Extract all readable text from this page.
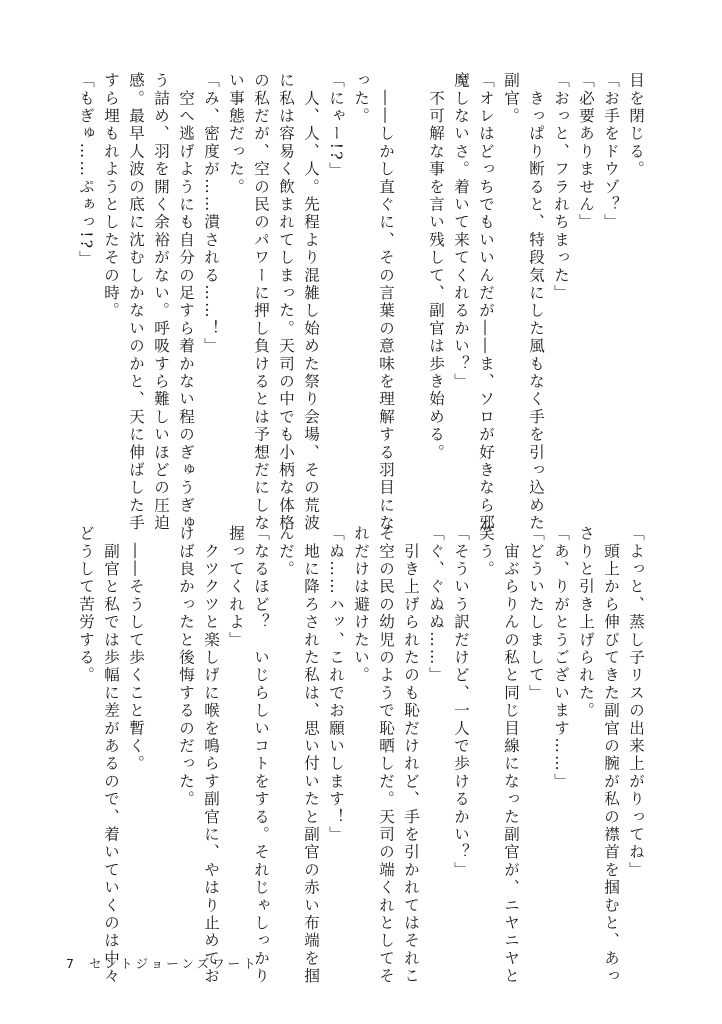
目を閉じる。
「お手をドウゾ？」
「必要ありません」
「おっと、フラれちまった」
　きっぱり断ると、特段気にした風もなく手を引っ込めた
副官。
「オレはどっちでもいいんだが――ま、ソロが好きなら邪
魔しないさ。着いて来てくれるかい？」
　不可解な事を言い残して、副官は歩き始める。

　――しかし直ぐに、その言葉の意味を理解する羽目にな
った。
「にゃー!?」
　人、人、人。先程より混雑し始めた祭り会場、その荒波
に私は容易く飲まれてしまった。天司の中でも小柄な体格
の私だが、空の民のパワーに押し負けるとは予想だにしな
い事態だった。
「み、密度が……潰される……！」
　空へ逃げようにも自分の足すら着かない程のぎゅうぎゅ
う詰め、羽を開く余裕がない。呼吸すら難しいほどの圧迫
感。最早人波の底に沈むしかないのかと、天に伸ばした手
すら埋もれようとしたその時。
「もぎゅ……ぷぁっ!?」
「よっと、蒸し子リスの出来上がりってね」
　頭上から伸びてきた副官の腕が私の襟首を掴むと、あっ
さりと引き上げられた。
「あ、りがとうございます……」
「どういたしまして」
　宙ぶらりんの私と同じ目線になった副官が、ニヤニヤと
笑う。
「そういう訳だけど、一人で歩けるかい？」
「ぐ、ぐぬぬ……」
　引き上げられたのも恥だけれど、手を引かれてはそれこ
そ空の民の幼児のようで恥晒しだ。天司の端くれとしてそ
れだけは避けたい。
「ぬ……ハッ、これでお願いします！」
　地に降ろされた私は、思い付いたと副官の赤い布端を掴
んだ。
「なるほど？　いじらしいコトをする。それじゃしっかり
握ってくれよ」
　クツクツと楽しげに喉を鳴らす副官に、やはり止めてお
けば良かったと後悔するのだった。

　――そうして歩くこと暫く。
　副官と私では歩幅に差があるので、着いていくのは中々
どうして苦労する。
7 セントジョーンズワート
